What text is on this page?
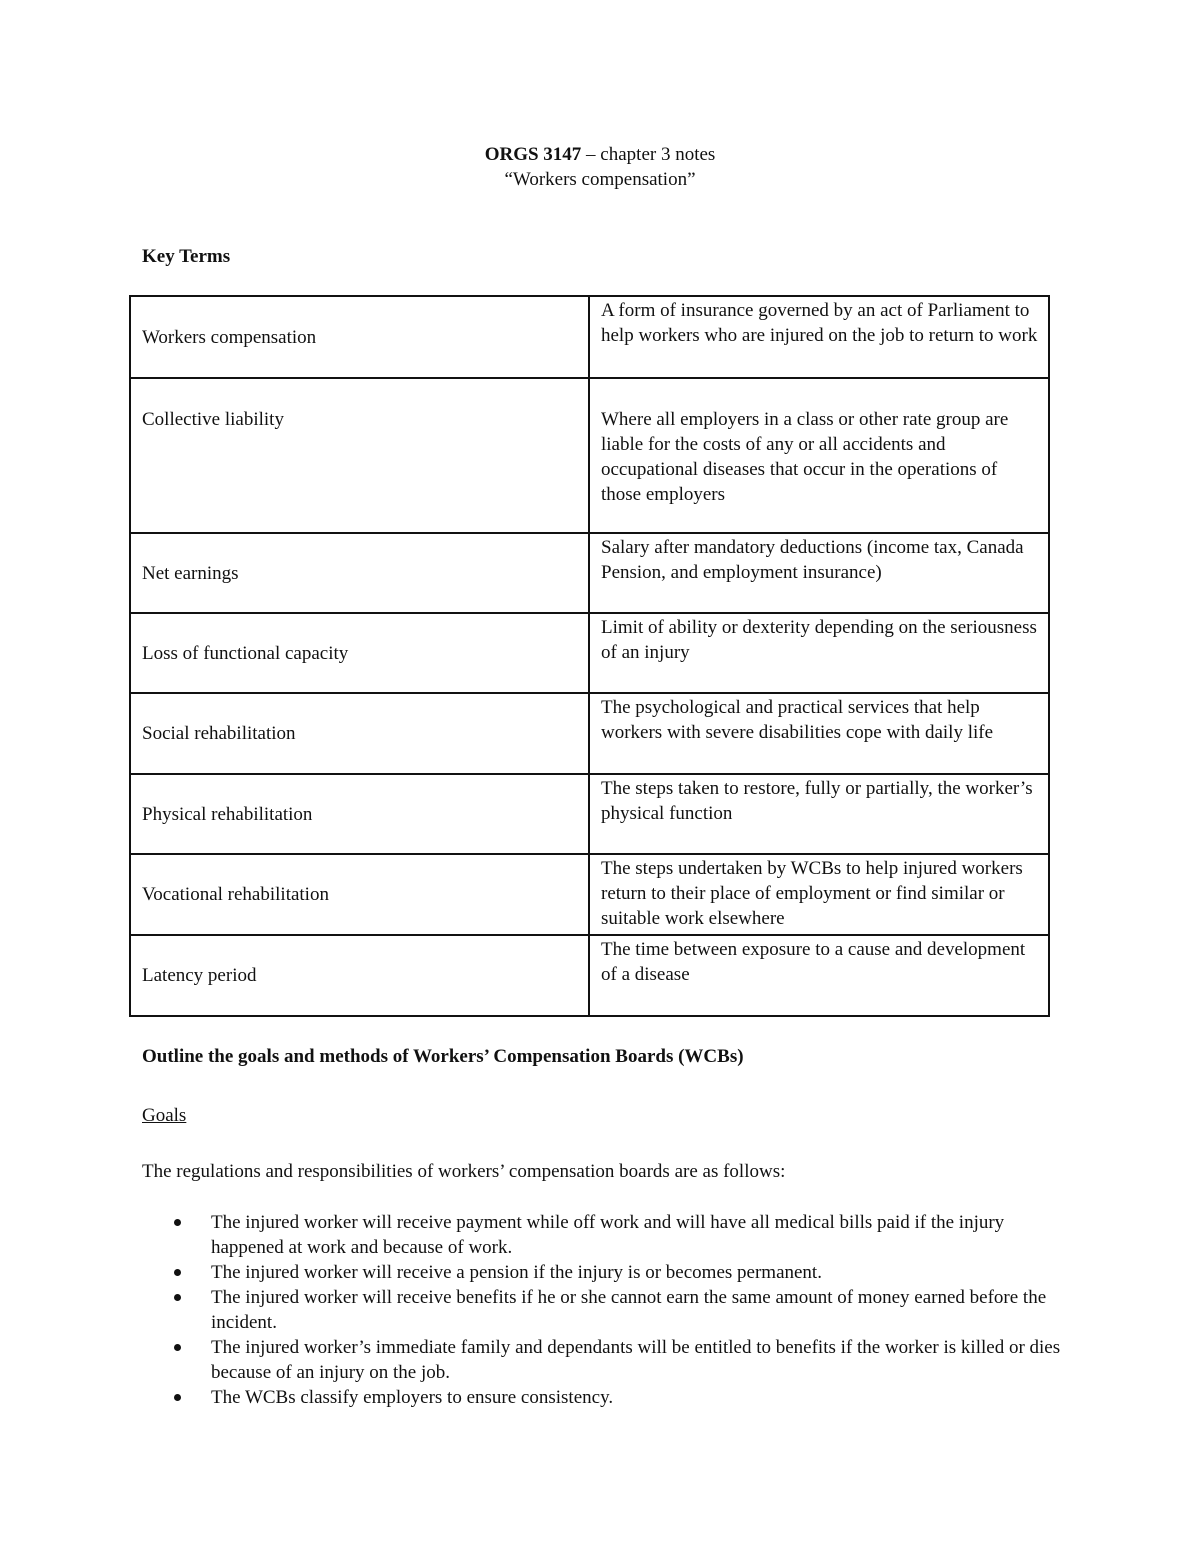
ORGS 3147 – chapter 3 notes
“Workers compensation”
Key Terms
Workers compensation	A form of insurance governed by an act of Parliament to help workers who are injured on the job to return to work
Collective liability	Where all employers in a class or other rate group are liable for the costs of any or all accidents and occupational diseases that occur in the operations of those employers
Net earnings	Salary after mandatory deductions (income tax, Canada Pension, and employment insurance)
Loss of functional capacity	Limit of ability or dexterity depending on the seriousness of an injury
Social rehabilitation	The psychological and practical services that help workers with severe disabilities cope with daily life
Physical rehabilitation	The steps taken to restore, fully or partially, the worker’s physical function
Vocational rehabilitation	The steps undertaken by WCBs to help injured workers return to their place of employment or find similar or suitable work elsewhere
Latency period	The time between exposure to a cause and development of a disease
Outline the goals and methods of Workers’ Compensation Boards (WCBs)
Goals
The regulations and responsibilities of workers’ compensation boards are as follows:
The injured worker will receive payment while off work and will have all medical bills paid if the injury happened at work and because of work.
The injured worker will receive a pension if the injury is or becomes permanent.
The injured worker will receive benefits if he or she cannot earn the same amount of money earned before the incident.
The injured worker’s immediate family and dependants will be entitled to benefits if the worker is killed or dies because of an injury on the job.
The WCBs classify employers to ensure consistency.
